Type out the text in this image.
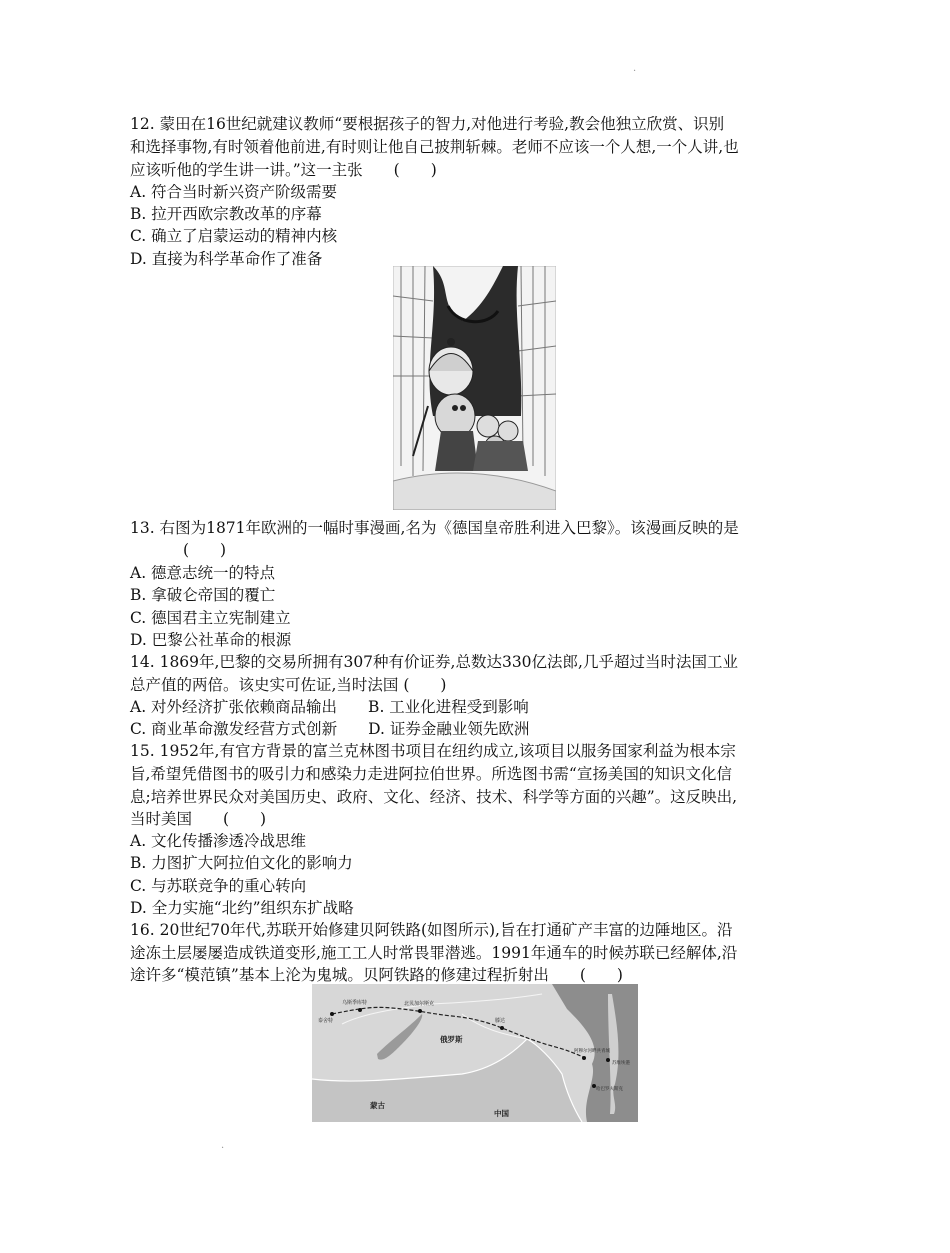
·
12. 蒙田在16世纪就建议教师“要根据孩子的智力,对他进行考验,教会他独立欣赏、识别
和选择事物,有时领着他前进,有时则让他自己披荆斩棘。老师不应该一个人想,一个人讲,也
应该听他的学生讲一讲。”这一主张　　(　　)
A. 符合当时新兴资产阶级需要
B. 拉开西欧宗教改革的序幕
C. 确立了启蒙运动的精神内核
D. 直接为科学革命作了准备
13. 右图为1871年欧洲的一幅时事漫画,名为《德国皇帝胜利进入巴黎》。该漫画反映的是
(　　)
A. 德意志统一的特点
B. 拿破仑帝国的覆亡
C. 德国君主立宪制建立
D. 巴黎公社革命的根源
14. 1869年,巴黎的交易所拥有307种有价证券,总数达330亿法郎,几乎超过当时法国工业
总产值的两倍。该史实可佐证,当时法国 (　　)
A. 对外经济扩张依赖商品输出　　B. 工业化进程受到影响
C. 商业革命激发经营方式创新　　D. 证券金融业领先欧洲
15. 1952年,有官方背景的富兰克林图书项目在纽约成立,该项目以服务国家利益为根本宗
旨,希望凭借图书的吸引力和感染力走进阿拉伯世界。所选图书需“宣扬美国的知识文化信
息;培养世界民众对美国历史、政府、文化、经济、技术、科学等方面的兴趣”。这反映出,
当时美国　　(　　)
A. 文化传播渗透冷战思维
B. 力图扩大阿拉伯文化的影响力
C. 与苏联竞争的重心转向
D. 全力实施“北约”组织东扩战略
16. 20世纪70年代,苏联开始修建贝阿铁路(如图所示),旨在打通矿产丰富的边陲地区。沿
途冻土层屡屡造成铁道变形,施工工人时常畏罪潜逃。1991年通车的时候苏联已经解体,沿
途许多“模范镇”基本上沦为鬼城。贝阿铁路的修建过程折射出　　(　　)
俄罗斯
蒙古
中国
泰舍特
乌斯季库特	北贝加尔斯克
滕达
阿穆尔河畔共青城
苏维埃港
哈巴罗夫斯克
·
